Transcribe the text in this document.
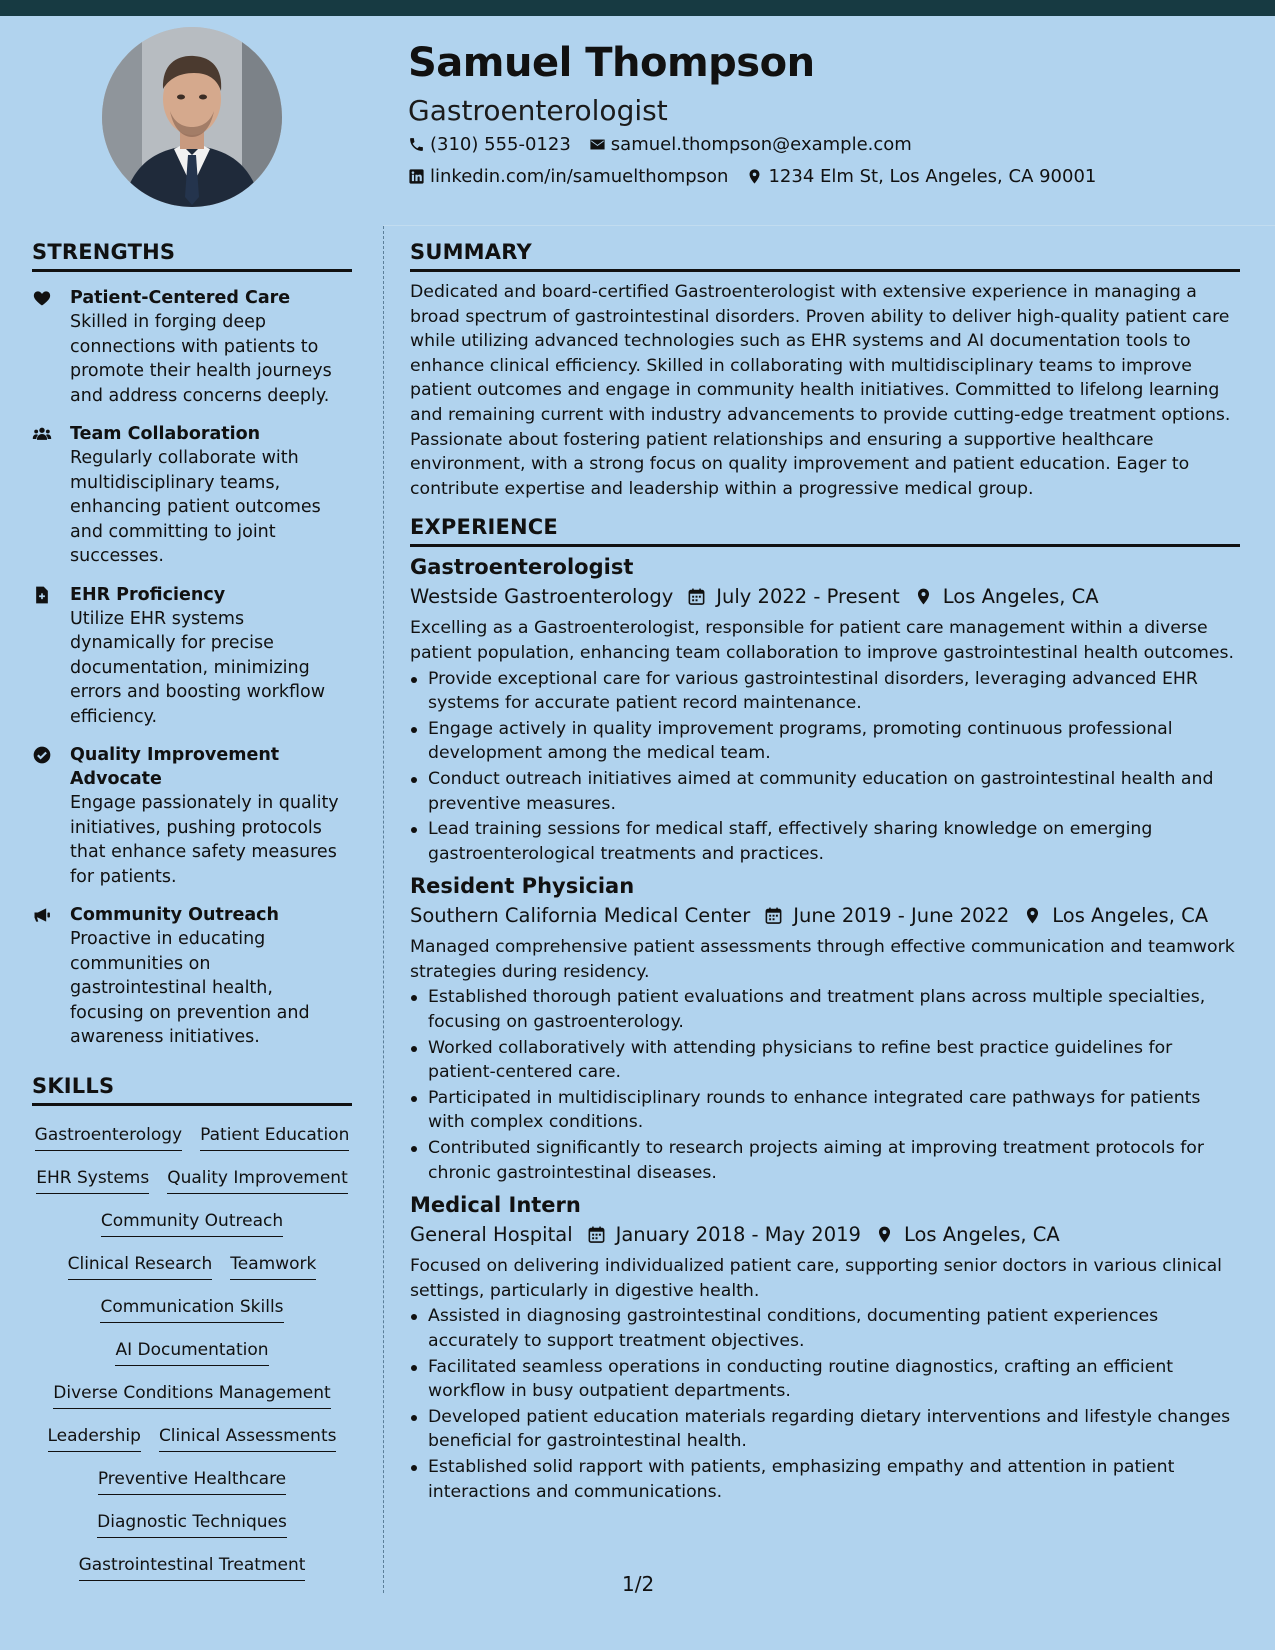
Samuel Thompson
Gastroenterologist
(310) 555-0123 samuel.thompson@example.com
linkedin.com/in/samuelthompson 1234 Elm St, Los Angeles, CA 90001
STRENGTHS
Patient-Centered Care
Skilled in forging deep connections with patients to promote their health journeys and address concerns deeply.
Team Collaboration
Regularly collaborate with multidisciplinary teams, enhancing patient outcomes and committing to joint successes.
EHR Proficiency
Utilize EHR systems dynamically for precise documentation, minimizing errors and boosting workflow efficiency.
Quality Improvement Advocate
Engage passionately in quality initiatives, pushing protocols that enhance safety measures for patients.
Community Outreach
Proactive in educating communities on gastrointestinal health, focusing on prevention and awareness initiatives.
SKILLS
Gastroenterology Patient Education
EHR Systems Quality Improvement
Community Outreach
Clinical Research Teamwork
Communication Skills
AI Documentation
Diverse Conditions Management
Leadership Clinical Assessments
Preventive Healthcare
Diagnostic Techniques
Gastrointestinal Treatment
SUMMARY
Dedicated and board-certified Gastroenterologist with extensive experience in managing a broad spectrum of gastrointestinal disorders. Proven ability to deliver high-quality patient care while utilizing advanced technologies such as EHR systems and AI documentation tools to enhance clinical efficiency. Skilled in collaborating with multidisciplinary teams to improve patient outcomes and engage in community health initiatives. Committed to lifelong learning and remaining current with industry advancements to provide cutting-edge treatment options. Passionate about fostering patient relationships and ensuring a supportive healthcare environment, with a strong focus on quality improvement and patient education. Eager to contribute expertise and leadership within a progressive medical group.
EXPERIENCE
Gastroenterologist
Westside Gastroenterology July 2022 - Present Los Angeles, CA
Excelling as a Gastroenterologist, responsible for patient care management within a diverse patient population, enhancing team collaboration to improve gastrointestinal health outcomes.
Provide exceptional care for various gastrointestinal disorders, leveraging advanced EHR systems for accurate patient record maintenance.
Engage actively in quality improvement programs, promoting continuous professional development among the medical team.
Conduct outreach initiatives aimed at community education on gastrointestinal health and preventive measures.
Lead training sessions for medical staff, effectively sharing knowledge on emerging gastroenterological treatments and practices.
Resident Physician
Southern California Medical Center June 2019 - June 2022 Los Angeles, CA
Managed comprehensive patient assessments through effective communication and teamwork strategies during residency.
Established thorough patient evaluations and treatment plans across multiple specialties, focusing on gastroenterology.
Worked collaboratively with attending physicians to refine best practice guidelines for patient-centered care.
Participated in multidisciplinary rounds to enhance integrated care pathways for patients with complex conditions.
Contributed significantly to research projects aiming at improving treatment protocols for chronic gastrointestinal diseases.
Medical Intern
General Hospital January 2018 - May 2019 Los Angeles, CA
Focused on delivering individualized patient care, supporting senior doctors in various clinical settings, particularly in digestive health.
Assisted in diagnosing gastrointestinal conditions, documenting patient experiences accurately to support treatment objectives.
Facilitated seamless operations in conducting routine diagnostics, crafting an efficient workflow in busy outpatient departments.
Developed patient education materials regarding dietary interventions and lifestyle changes beneficial for gastrointestinal health.
Established solid rapport with patients, emphasizing empathy and attention in patient interactions and communications.
1/2
